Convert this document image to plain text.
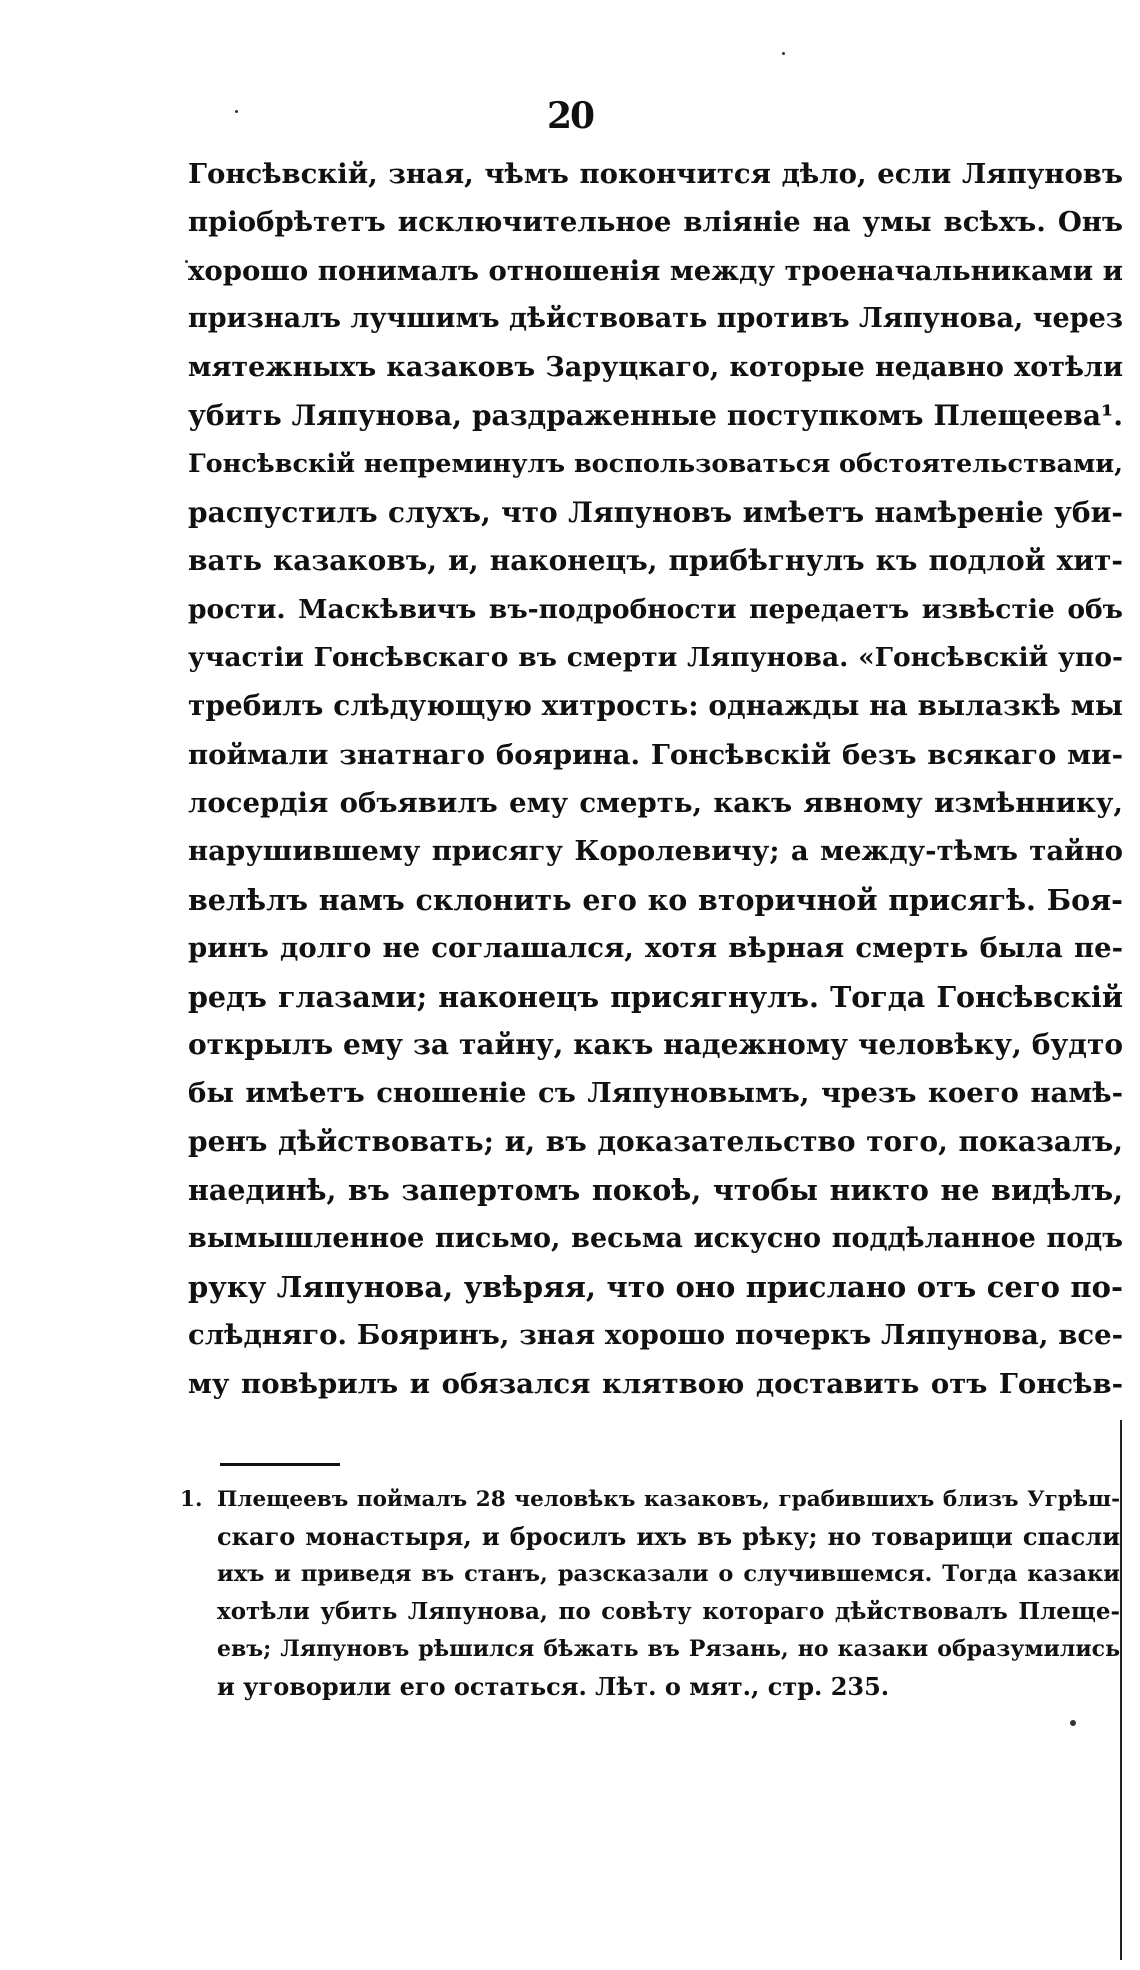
20
Гонсѣвскій, зная, чѣмъ покончится дѣло, если Ляпуновъ
пріобрѣтетъ исключительное вліяніе на умы всѣхъ. Онъ
хорошо понималъ отношенія между троеначальниками и
призналъ лучшимъ дѣйствовать противъ Ляпунова, через
мятежныхъ казаковъ Заруцкаго, которые недавно хотѣли
убить Ляпунова, раздраженные поступкомъ Плещеева¹.
Гонсѣвскій непреминулъ воспользоваться обстоятельствами,
распустилъ слухъ, что Ляпуновъ имѣетъ намѣреніе уби-
вать казаковъ, и, наконецъ, прибѣгнулъ къ подлой хит-
рости. Маскѣвичъ въ-подробности передаетъ извѣстіе объ
участіи Гонсѣвскаго въ смерти Ляпунова. «Гонсѣвскій упо-
требилъ слѣдующую хитрость: однажды на вылазкѣ мы
поймали знатнаго боярина. Гонсѣвскій безъ всякаго ми-
лосердія объявилъ ему смерть, какъ явному измѣннику,
нарушившему присягу Королевичу; а между-тѣмъ тайно
велѣлъ намъ склонить его ко вторичной присягѣ. Боя-
ринъ долго не соглашался, хотя вѣрная смерть была пе-
редъ глазами; наконецъ присягнулъ. Тогда Гонсѣвскій
открылъ ему за тайну, какъ надежному человѣку, будто
бы имѣетъ сношеніе съ Ляпуновымъ, чрезъ коего намѣ-
ренъ дѣйствовать; и, въ доказательство того, показалъ,
наединѣ, въ запертомъ покоѣ, чтобы никто не видѣлъ,
вымышленное письмо, весьма искусно поддѣланное подъ
руку Ляпунова, увѣряя, что оно прислано отъ сего по-
слѣдняго. Бояринъ, зная хорошо почеркъ Ляпунова, все-
му повѣрилъ и обязался клятвою доставить отъ Гонсѣв-
1. Плещеевъ поймалъ 28 человѣкъ казаковъ, грабившихъ близъ Угрѣш-
скаго монастыря, и бросилъ ихъ въ рѣку; но товарищи спасли
ихъ и приведя въ станъ, разсказали о случившемся. Тогда казаки
хотѣли убить Ляпунова, по совѣту котораго дѣйствовалъ Плеще-
евъ; Ляпуновъ рѣшился бѣжать въ Рязань, но казаки образумились
и уговорили его остаться. Лѣт. о мят., стр. 235.
